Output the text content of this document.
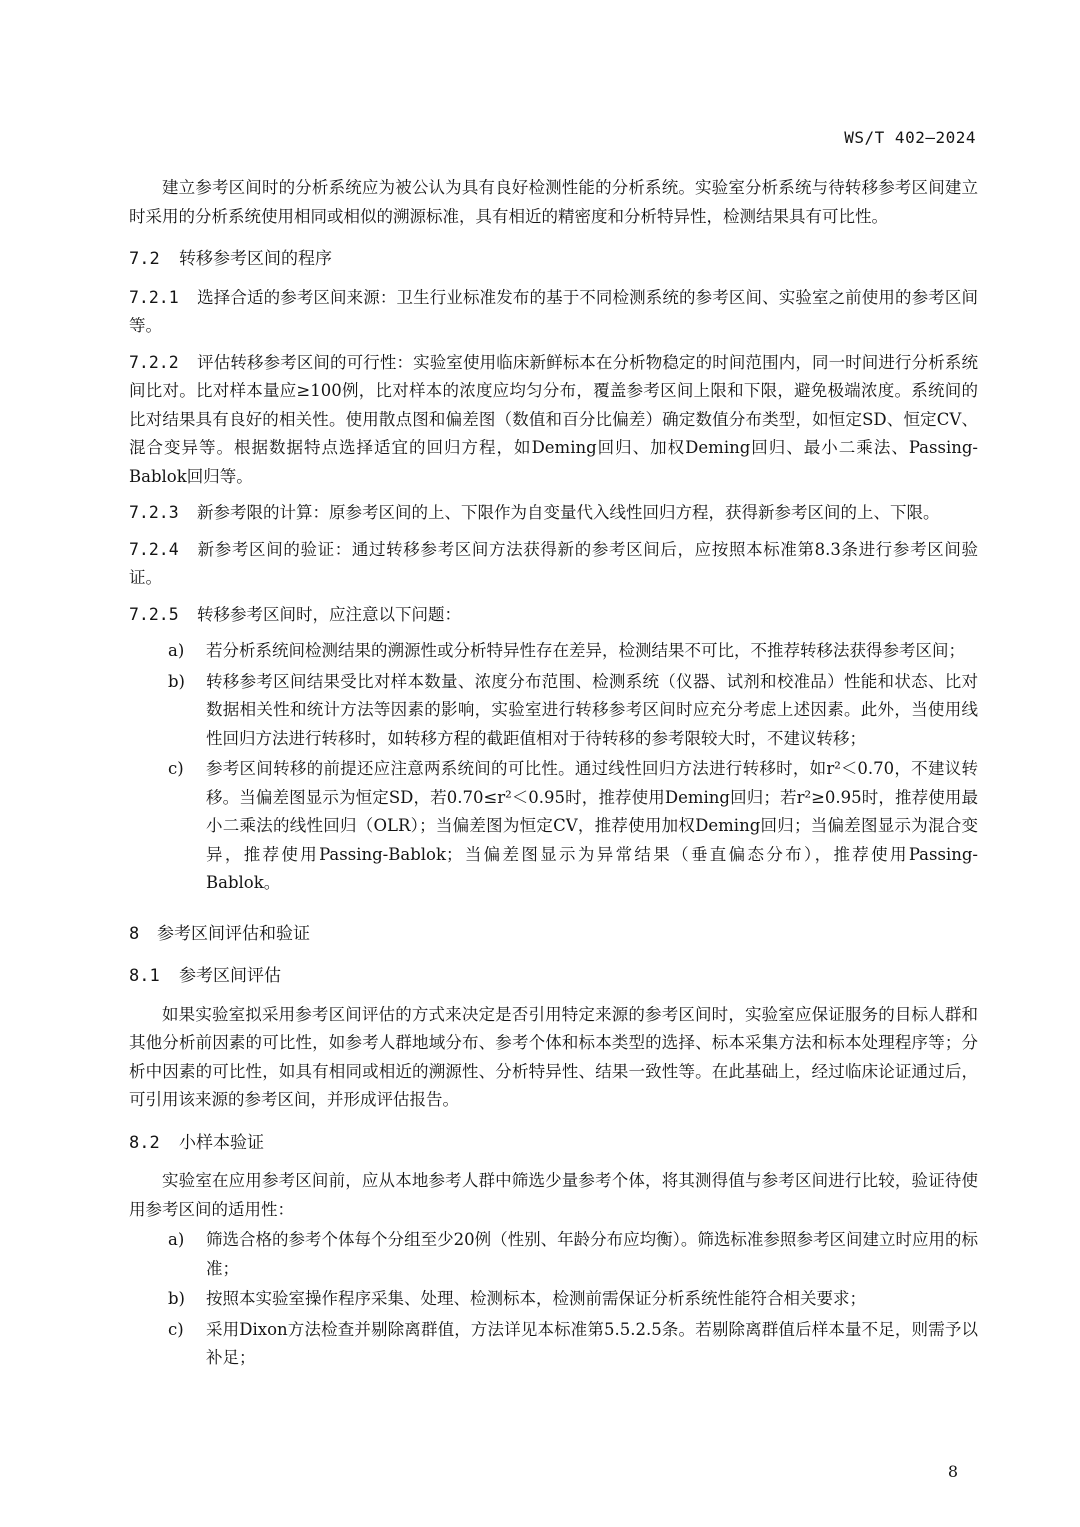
WS/T 402—2024

建立参考区间时的分析系统应为被公认为具有良好检测性能的分析系统。实验室分析系统与待转移参考区间建立时采用的分析系统使用相同或相似的溯源标准，具有相近的精密度和分析特异性，检测结果具有可比性。

7.2	转移参考区间的程序

7.2.1 选择合适的参考区间来源：卫生行业标准发布的基于不同检测系统的参考区间、实验室之前使用的参考区间等。

7.2.2 评估转移参考区间的可行性：实验室使用临床新鲜标本在分析物稳定的时间范围内，同一时间进行分析系统间比对。比对样本量应≥100例，比对样本的浓度应均匀分布，覆盖参考区间上限和下限，避免极端浓度。系统间的比对结果具有良好的相关性。使用散点图和偏差图（数值和百分比偏差）确定数值分布类型，如恒定SD、恒定CV、混合变异等。根据数据特点选择适宜的回归方程，如Deming回归、加权Deming回归、最小二乘法、Passing-Bablok回归等。

7.2.3 新参考限的计算：原参考区间的上、下限作为自变量代入线性回归方程，获得新参考区间的上、下限。

7.2.4 新参考区间的验证：通过转移参考区间方法获得新的参考区间后，应按照本标准第8.3条进行参考区间验证。

7.2.5 转移参考区间时，应注意以下问题：

a)	若分析系统间检测结果的溯源性或分析特异性存在差异，检测结果不可比，不推荐转移法获得参考区间；
b)	转移参考区间结果受比对样本数量、浓度分布范围、检测系统（仪器、试剂和校准品）性能和状态、比对数据相关性和统计方法等因素的影响，实验室进行转移参考区间时应充分考虑上述因素。此外，当使用线性回归方法进行转移时，如转移方程的截距值相对于待转移的参考限较大时，不建议转移；
c)	参考区间转移的前提还应注意两系统间的可比性。通过线性回归方法进行转移时，如r²＜0.70，不建议转移。当偏差图显示为恒定SD，若0.70≤r²＜0.95时，推荐使用Deming回归；若r²≥0.95时，推荐使用最小二乘法的线性回归（OLR）；当偏差图为恒定CV，推荐使用加权Deming回归；当偏差图显示为混合变异，推荐使用Passing-Bablok；当偏差图显示为异常结果（垂直偏态分布），推荐使用Passing-Bablok。
8	参考区间评估和验证
8.1	参考区间评估

如果实验室拟采用参考区间评估的方式来决定是否引用特定来源的参考区间时，实验室应保证服务的目标人群和其他分析前因素的可比性，如参考人群地域分布、参考个体和标本类型的选择、标本采集方法和标本处理程序等；分析中因素的可比性，如具有相同或相近的溯源性、分析特异性、结果一致性等。在此基础上，经过临床论证通过后，可引用该来源的参考区间，并形成评估报告。

8.2	小样本验证

实验室在应用参考区间前，应从本地参考人群中筛选少量参考个体，将其测得值与参考区间进行比较，验证待使用参考区间的适用性：

a)	筛选合格的参考个体每个分组至少20例（性别、年龄分布应均衡）。筛选标准参照参考区间建立时应用的标准；
b)	按照本实验室操作程序采集、处理、检测标本，检测前需保证分析系统性能符合相关要求；
c)	采用Dixon方法检查并剔除离群值，方法详见本标准第5.5.2.5条。若剔除离群值后样本量不足，则需予以补足；
8
